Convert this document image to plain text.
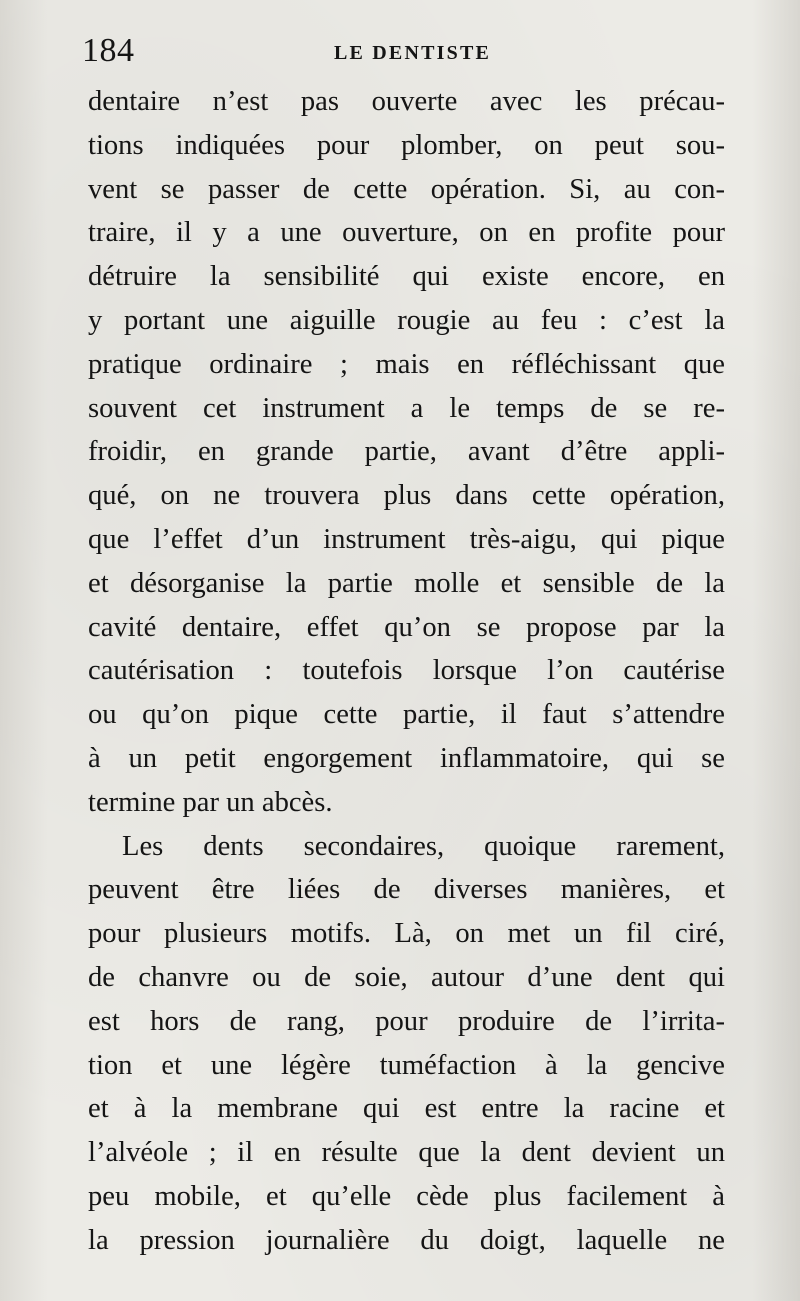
184	LE DENTISTE
dentaire n’est pas ouverte avec les précau-
tions indiquées pour plomber, on peut sou-
vent se passer de cette opération. Si, au con-
traire, il y a une ouverture, on en profite pour
détruire la sensibilité qui existe encore, en
y portant une aiguille rougie au feu : c’est la
pratique ordinaire ; mais en réfléchissant que
souvent cet instrument a le temps de se re-
froidir, en grande partie, avant d’être appli-
qué, on ne trouvera plus dans cette opération,
que l’effet d’un instrument très-aigu, qui pique
et désorganise la partie molle et sensible de la
cavité dentaire, effet qu’on se propose par la
cautérisation : toutefois lorsque l’on cautérise
ou qu’on pique cette partie, il faut s’attendre
à un petit engorgement inflammatoire, qui se
termine par un abcès.
Les dents secondaires, quoique rarement,
peuvent être liées de diverses manières, et
pour plusieurs motifs. Là, on met un fil ciré,
de chanvre ou de soie, autour d’une dent qui
est hors de rang, pour produire de l’irrita-
tion et une légère tuméfaction à la gencive
et à la membrane qui est entre la racine et
l’alvéole ; il en résulte que la dent devient un
peu mobile, et qu’elle cède plus facilement à
la pression journalière du doigt, laquelle ne
